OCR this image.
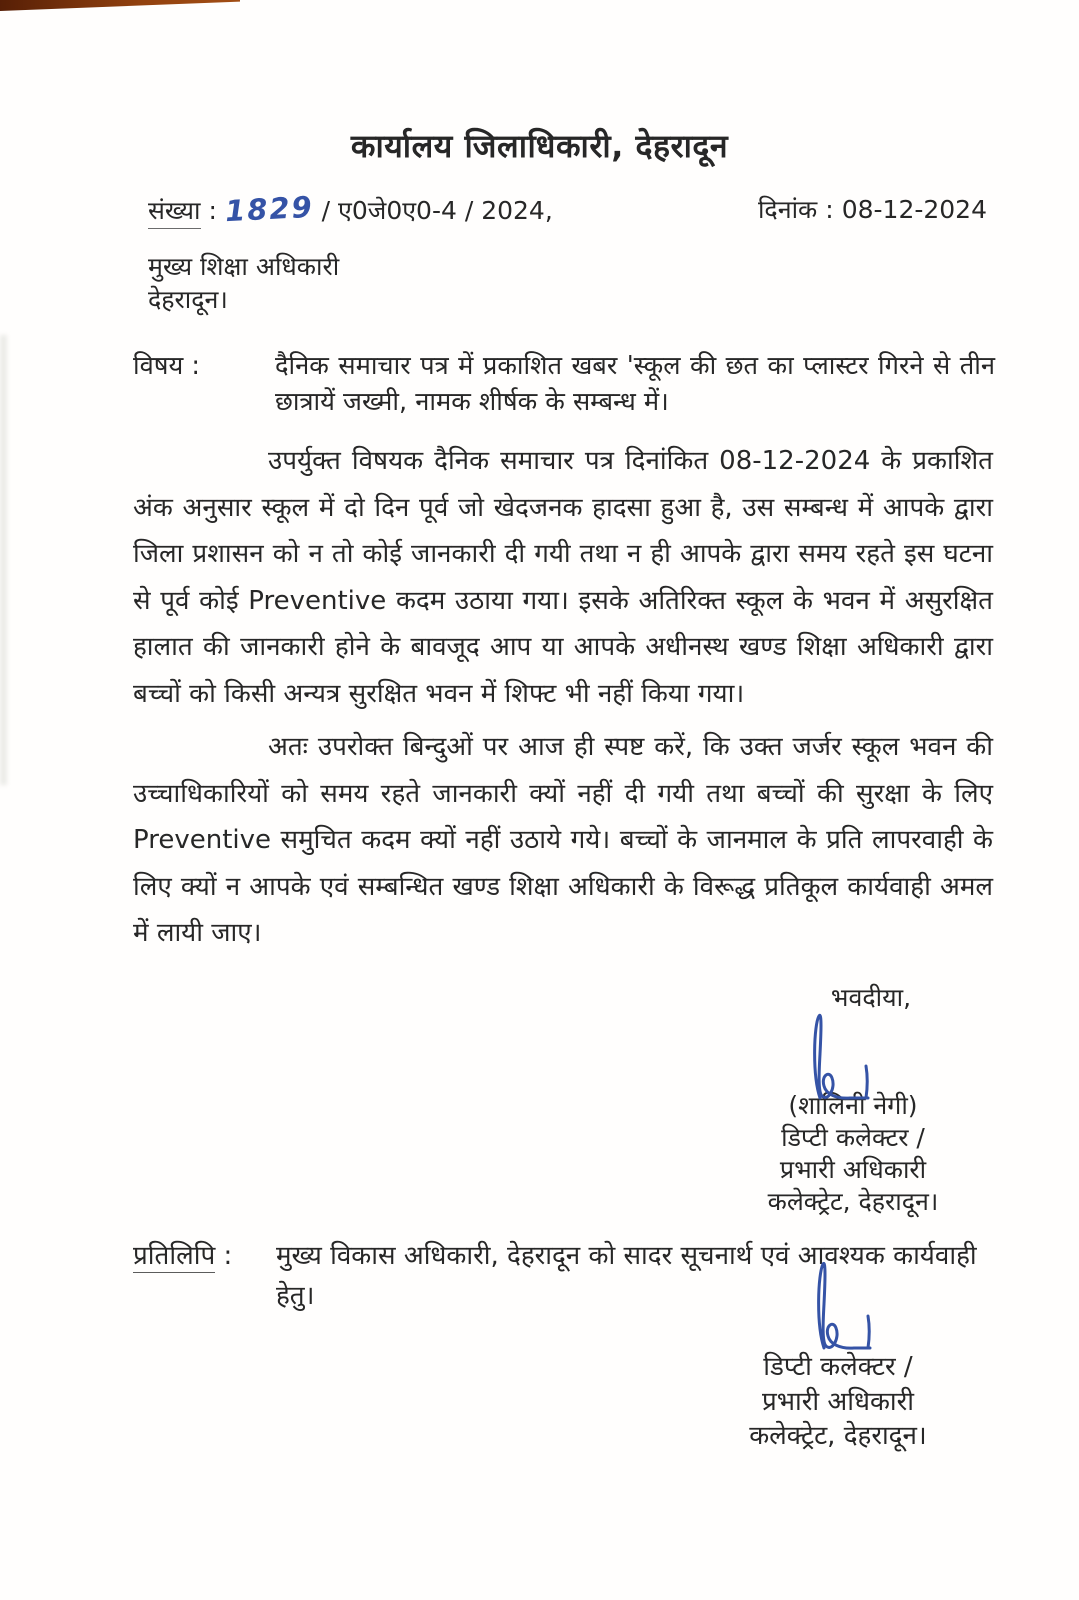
कार्यालय जिलाधिकारी, देहरादून
संख्या : 1829 / ए0जे0ए0-4 / 2024,	दिनांक : 08-12-2024
मुख्य शिक्षा अधिकारी
देहरादून।
विषय :	दैनिक समाचार पत्र में प्रकाशित खबर 'स्कूल की छत का प्लास्टर गिरने से तीन छात्रायें जख्मी, नामक शीर्षक के सम्बन्ध में।
उपर्युक्त विषयक दैनिक समाचार पत्र दिनांकित 08-12-2024 के प्रकाशित अंक अनुसार स्कूल में दो दिन पूर्व जो खेदजनक हादसा हुआ है, उस सम्बन्ध में आपके द्वारा जिला प्रशासन को न तो कोई जानकारी दी गयी तथा न ही आपके द्वारा समय रहते इस घटना से पूर्व कोई Preventive कदम उठाया गया। इसके अतिरिक्त स्कूल के भवन में असुरक्षित हालात की जानकारी होने के बावजूद आप या आपके अधीनस्थ खण्ड शिक्षा अधिकारी द्वारा बच्चों को किसी अन्यत्र सुरक्षित भवन में शिफ्ट भी नहीं किया गया।
अतः उपरोक्त बिन्दुओं पर आज ही स्पष्ट करें, कि उक्त जर्जर स्कूल भवन की उच्चाधिकारियों को समय रहते जानकारी क्यों नहीं दी गयी तथा बच्चों की सुरक्षा के लिए Preventive समुचित कदम क्यों नहीं उठाये गये। बच्चों के जानमाल के प्रति लापरवाही के लिए क्यों न आपके एवं सम्बन्धित खण्ड शिक्षा अधिकारी के विरूद्ध प्रतिकूल कार्यवाही अमल में लायी जाए।
भवदीया,
(शालिनी नेगी)
डिप्टी कलेक्टर /
प्रभारी अधिकारी
कलेक्ट्रेट, देहरादून।
प्रतिलिपि :	मुख्य विकास अधिकारी, देहरादून को सादर सूचनार्थ एवं आवश्यक कार्यवाही हेतु।
डिप्टी कलेक्टर /
प्रभारी अधिकारी
कलेक्ट्रेट, देहरादून।
